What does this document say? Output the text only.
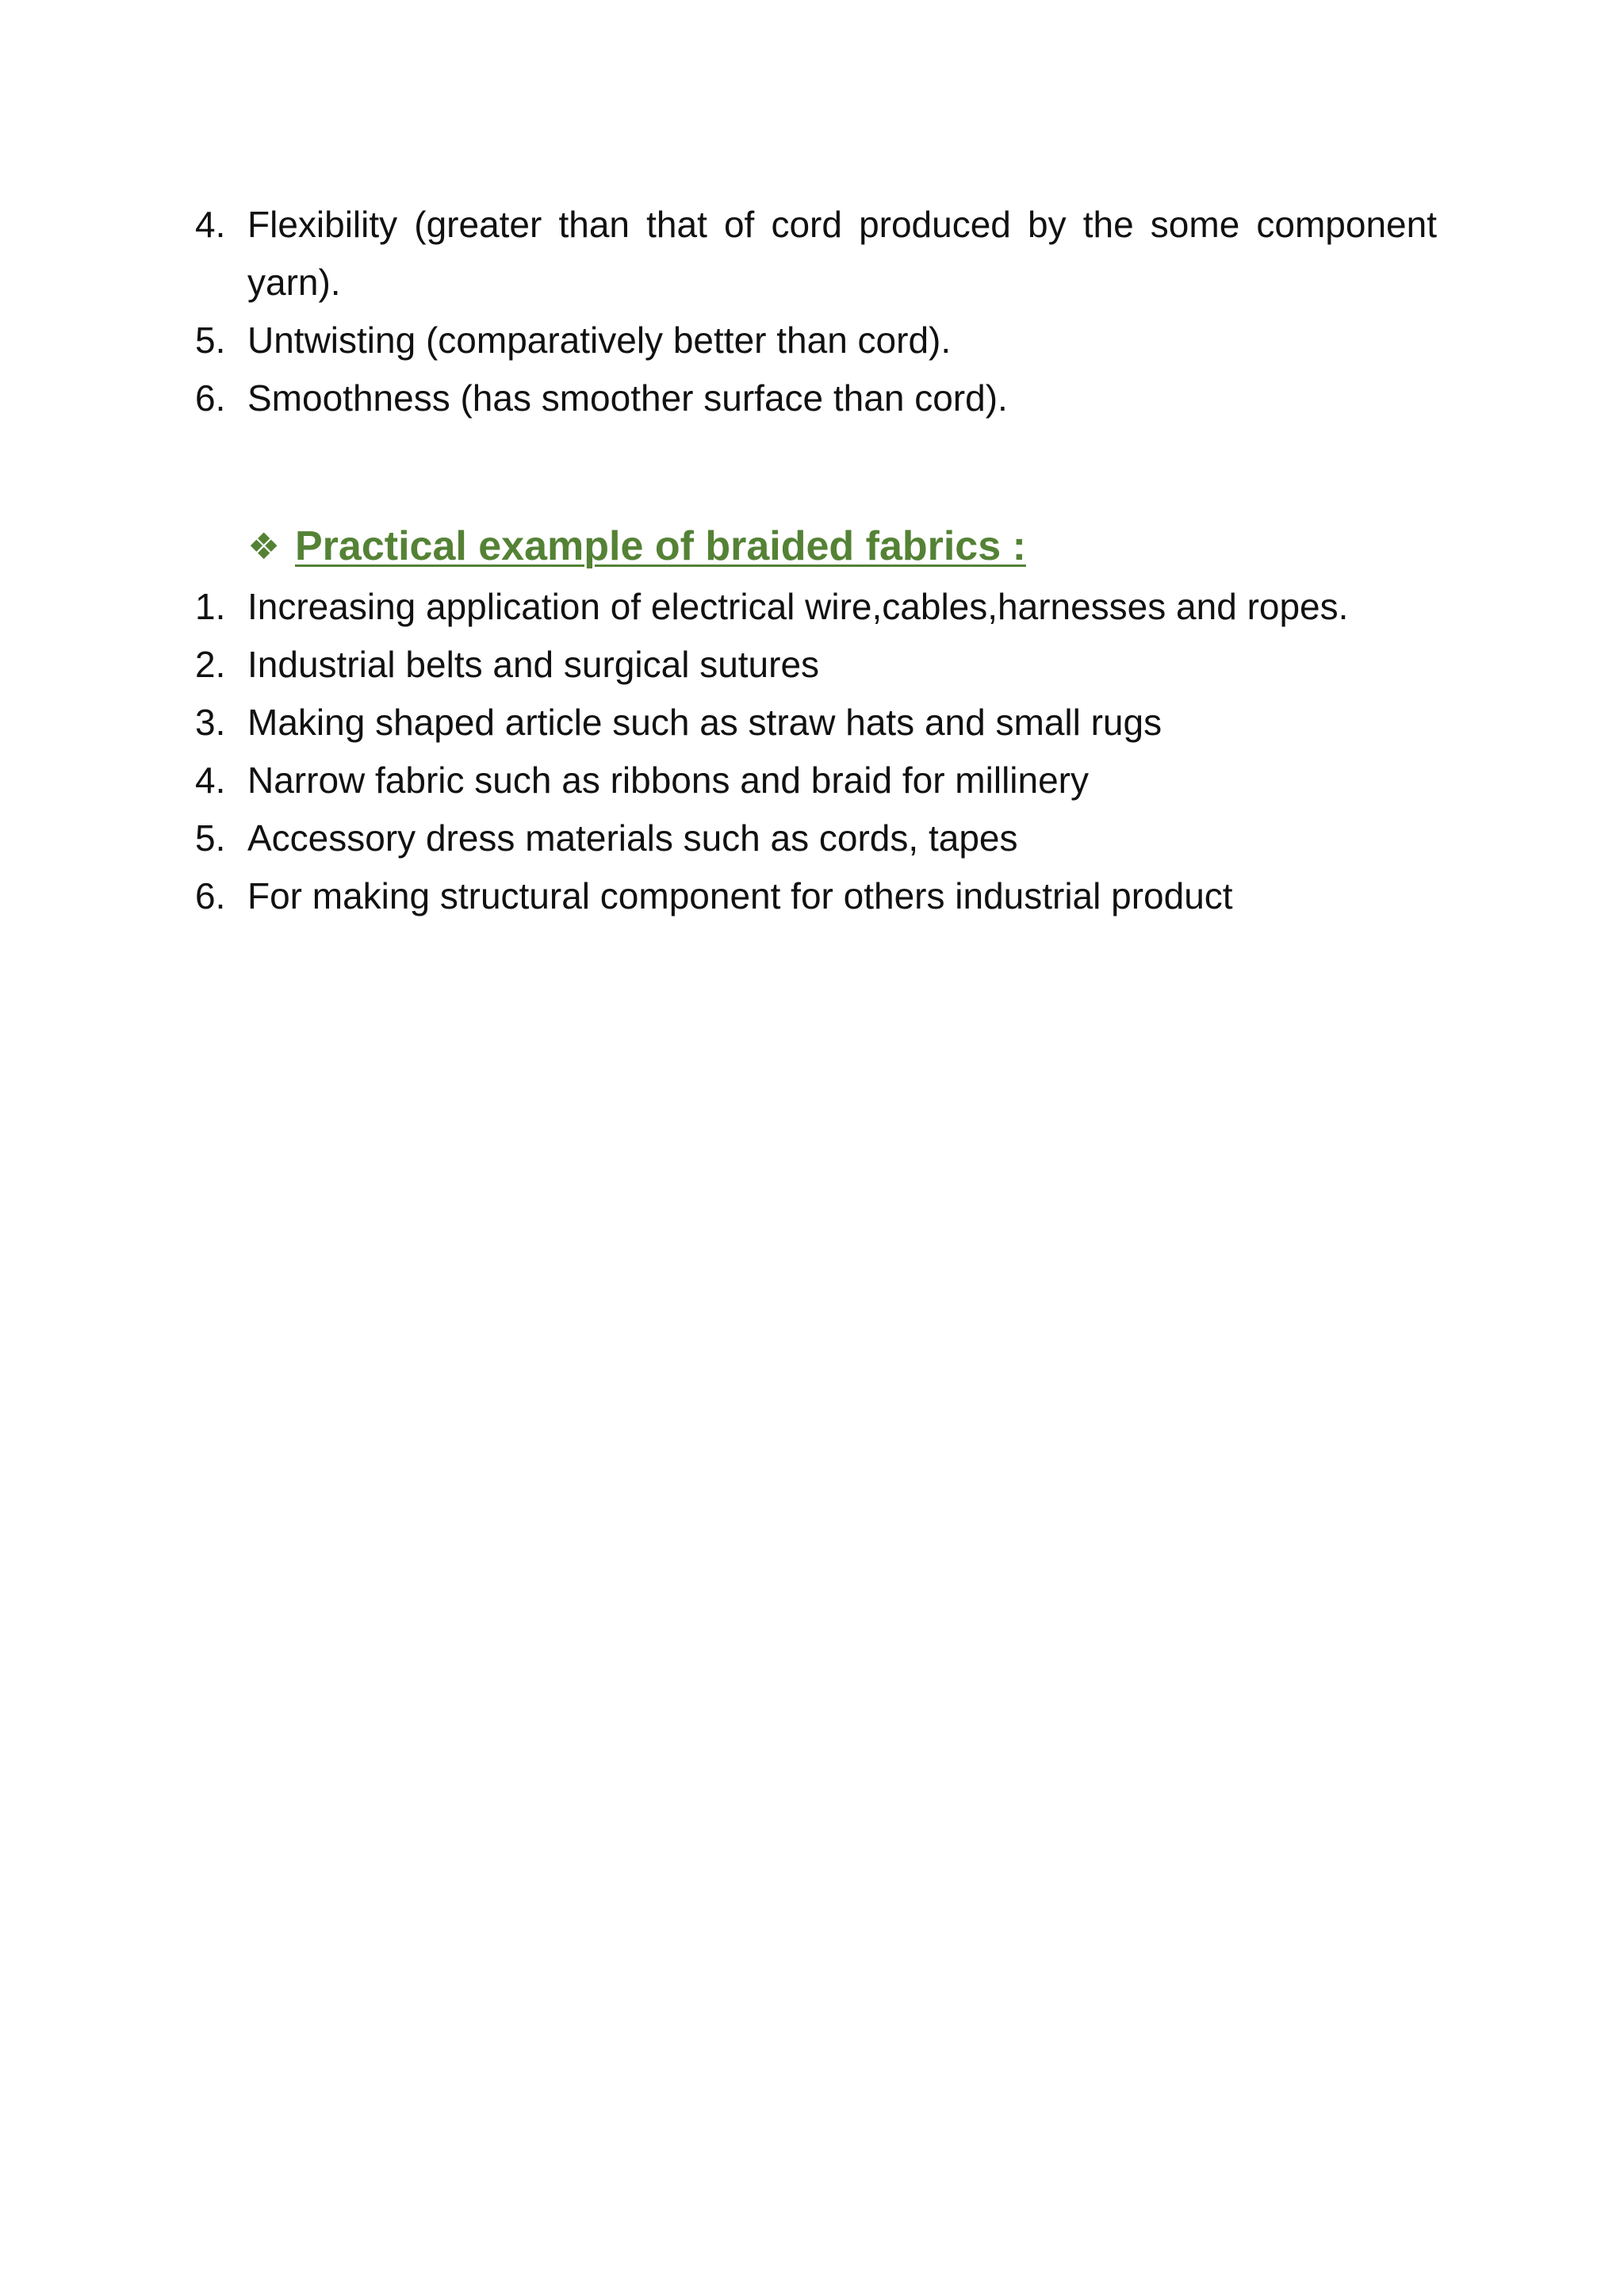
4. Flexibility (greater than that of cord produced by the some component yarn).
5. Untwisting (comparatively better than cord).
6. Smoothness (has smoother surface than cord).
❖ Practical example of braided fabrics :
1. Increasing application of electrical wire,cables,harnesses and ropes.
2. Industrial belts and surgical sutures
3. Making shaped article such as straw hats and small rugs
4. Narrow fabric such as ribbons and braid for millinery
5. Accessory dress materials such as cords, tapes
6. For making structural component for others industrial product
